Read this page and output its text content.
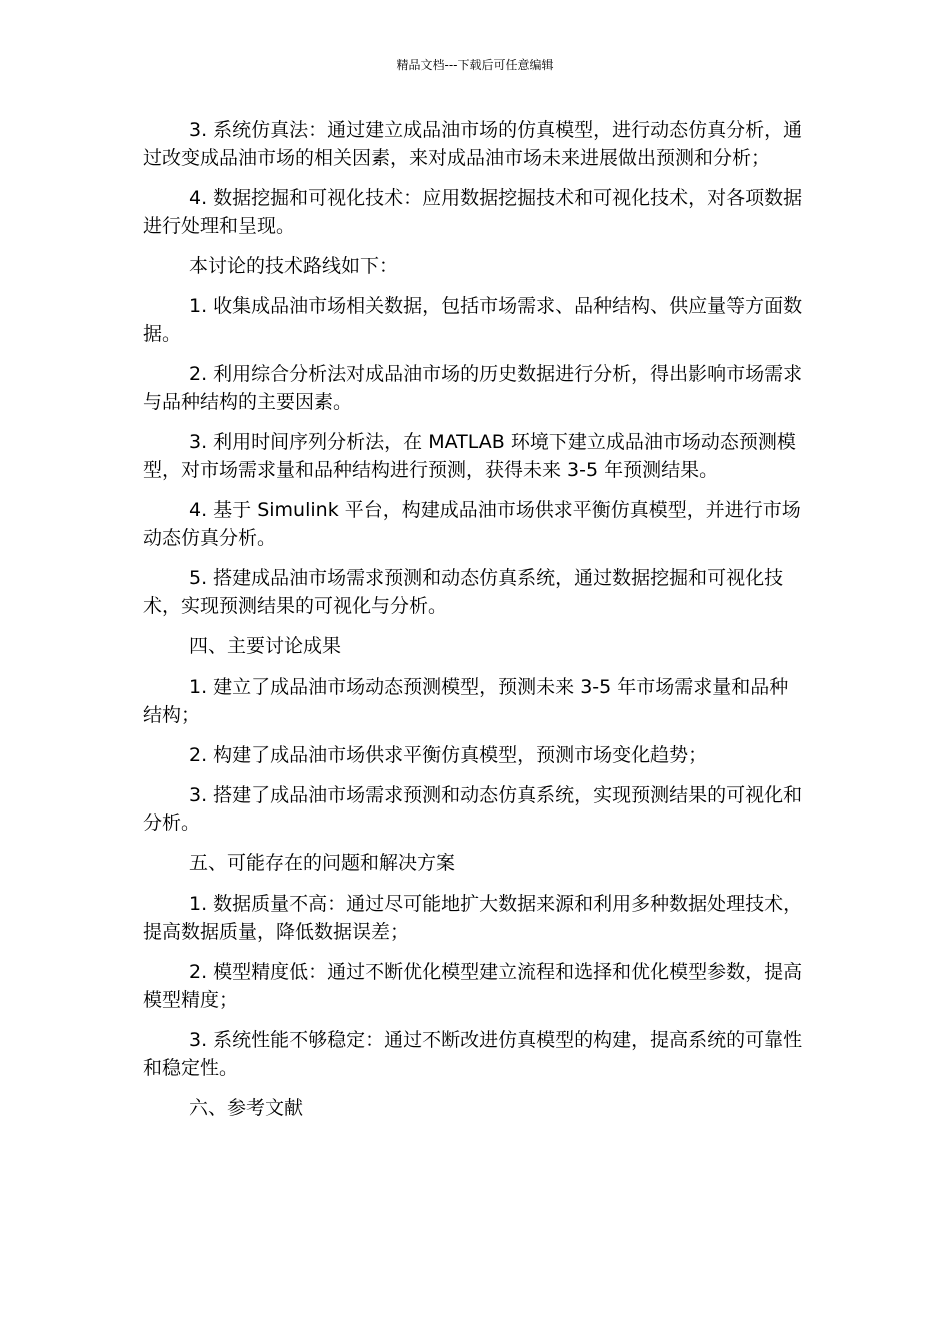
精品文档---下载后可任意编辑

3. 系统仿真法：通过建立成品油市场的仿真模型，进行动态仿真分析，通过改变成品油市场的相关因素，来对成品油市场未来进展做出预测和分析；

4. 数据挖掘和可视化技术：应用数据挖掘技术和可视化技术，对各项数据进行处理和呈现。

本讨论的技术路线如下：

1. 收集成品油市场相关数据，包括市场需求、品种结构、供应量等方面数据。

2. 利用综合分析法对成品油市场的历史数据进行分析，得出影响市场需求与品种结构的主要因素。

3. 利用时间序列分析法，在 MATLAB 环境下建立成品油市场动态预测模型，对市场需求量和品种结构进行预测，获得未来 3-5 年预测结果。

4. 基于 Simulink 平台，构建成品油市场供求平衡仿真模型，并进行市场动态仿真分析。

5. 搭建成品油市场需求预测和动态仿真系统，通过数据挖掘和可视化技术，实现预测结果的可视化与分析。

四、主要讨论成果

1. 建立了成品油市场动态预测模型，预测未来 3-5 年市场需求量和品种结构；

2. 构建了成品油市场供求平衡仿真模型，预测市场变化趋势；

3. 搭建了成品油市场需求预测和动态仿真系统，实现预测结果的可视化和分析。

五、可能存在的问题和解决方案

1. 数据质量不高：通过尽可能地扩大数据来源和利用多种数据处理技术，提高数据质量，降低数据误差；

2. 模型精度低：通过不断优化模型建立流程和选择和优化模型参数，提高模型精度；

3. 系统性能不够稳定：通过不断改进仿真模型的构建，提高系统的可靠性和稳定性。

六、参考文献
